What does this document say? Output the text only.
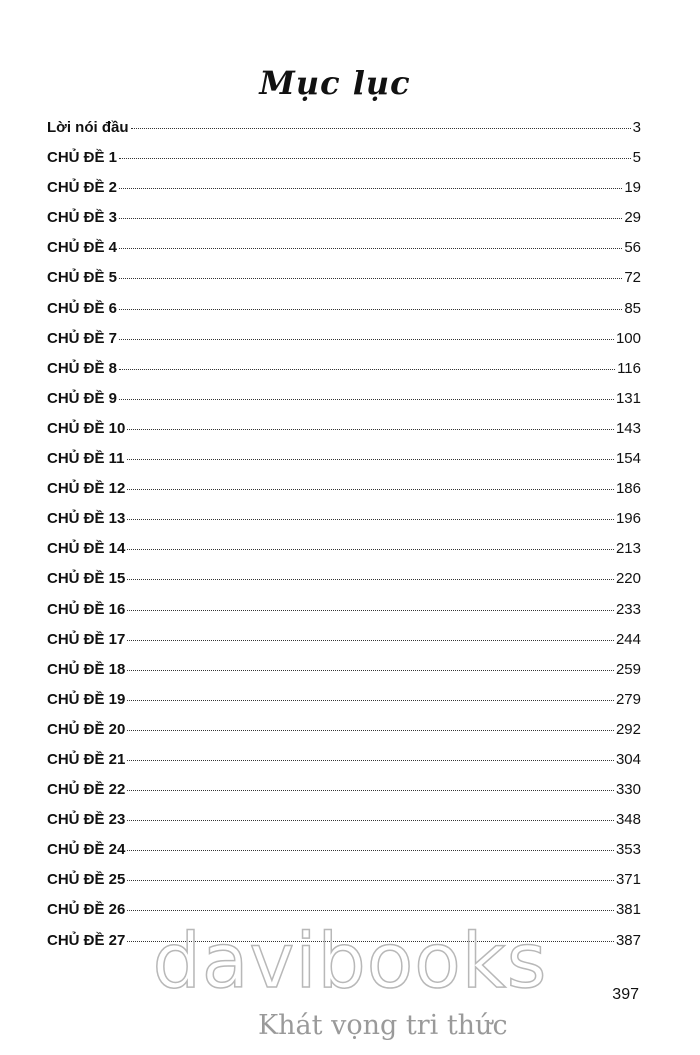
Mục lục
Lời nói đầu	3
CHỦ ĐỀ 1	5
CHỦ ĐỀ 2	19
CHỦ ĐỀ 3	29
CHỦ ĐỀ 4	56
CHỦ ĐỀ 5	72
CHỦ ĐỀ 6	85
CHỦ ĐỀ 7	100
CHỦ ĐỀ 8	116
CHỦ ĐỀ 9	131
CHỦ ĐỀ 10	143
CHỦ ĐỀ 11	154
CHỦ ĐỀ 12	186
CHỦ ĐỀ 13	196
CHỦ ĐỀ 14	213
CHỦ ĐỀ 15	220
CHỦ ĐỀ 16	233
CHỦ ĐỀ 17	244
CHỦ ĐỀ 18	259
CHỦ ĐỀ 19	279
CHỦ ĐỀ 20	292
CHỦ ĐỀ 21	304
CHỦ ĐỀ 22	330
CHỦ ĐỀ 23	348
CHỦ ĐỀ 24	353
CHỦ ĐỀ 25	371
CHỦ ĐỀ 26	381
CHỦ ĐỀ 27	387
397
davibooks
Khát vọng tri thức
